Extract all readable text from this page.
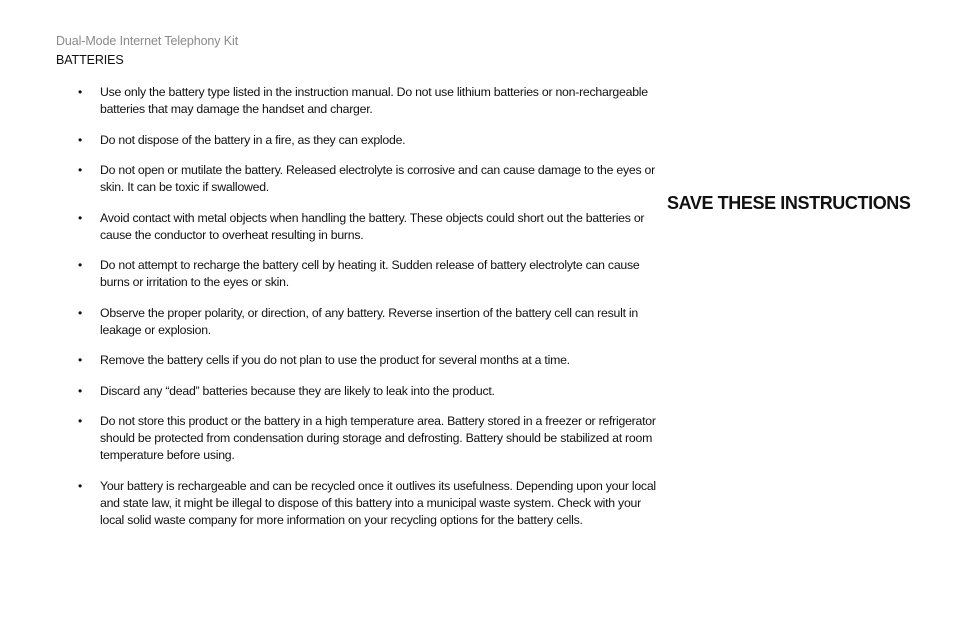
Dual-Mode Internet Telephony Kit
BATTERIES
•	Use only the battery type listed in the instruction manual. Do not use lithium batteries or non-rechargeable batteries that may damage the handset and charger.
•	Do not dispose of the battery in a fire, as they can explode.
•	Do not open or mutilate the battery. Released electrolyte is corrosive and can cause damage to the eyes or skin. It can be toxic if swallowed.
•	Avoid contact with metal objects when handling the battery. These objects could short out the batteries or cause the conductor to overheat resulting in burns.
•	Do not attempt to recharge the battery cell by heating it. Sudden release of battery electrolyte can cause burns or irritation to the eyes or skin.
•	Observe the proper polarity, or direction, of any battery. Reverse insertion of the battery cell can result in leakage or explosion.
•	Remove the battery cells if you do not plan to use the product for several months at a time.
•	Discard any “dead” batteries because they are likely to leak into the product.
•	Do not store this product or the battery in a high temperature area. Battery stored in a freezer or refrigerator should be protected from condensation during storage and defrosting. Battery should be stabilized at room temperature before using.
•	Your battery is rechargeable and can be recycled once it outlives its usefulness. Depending upon your local and state law, it might be illegal to dispose of this battery into a municipal waste system. Check with your local solid waste company for more information on your recycling options for the battery cells.
SAVE THESE INSTRUCTIONS
